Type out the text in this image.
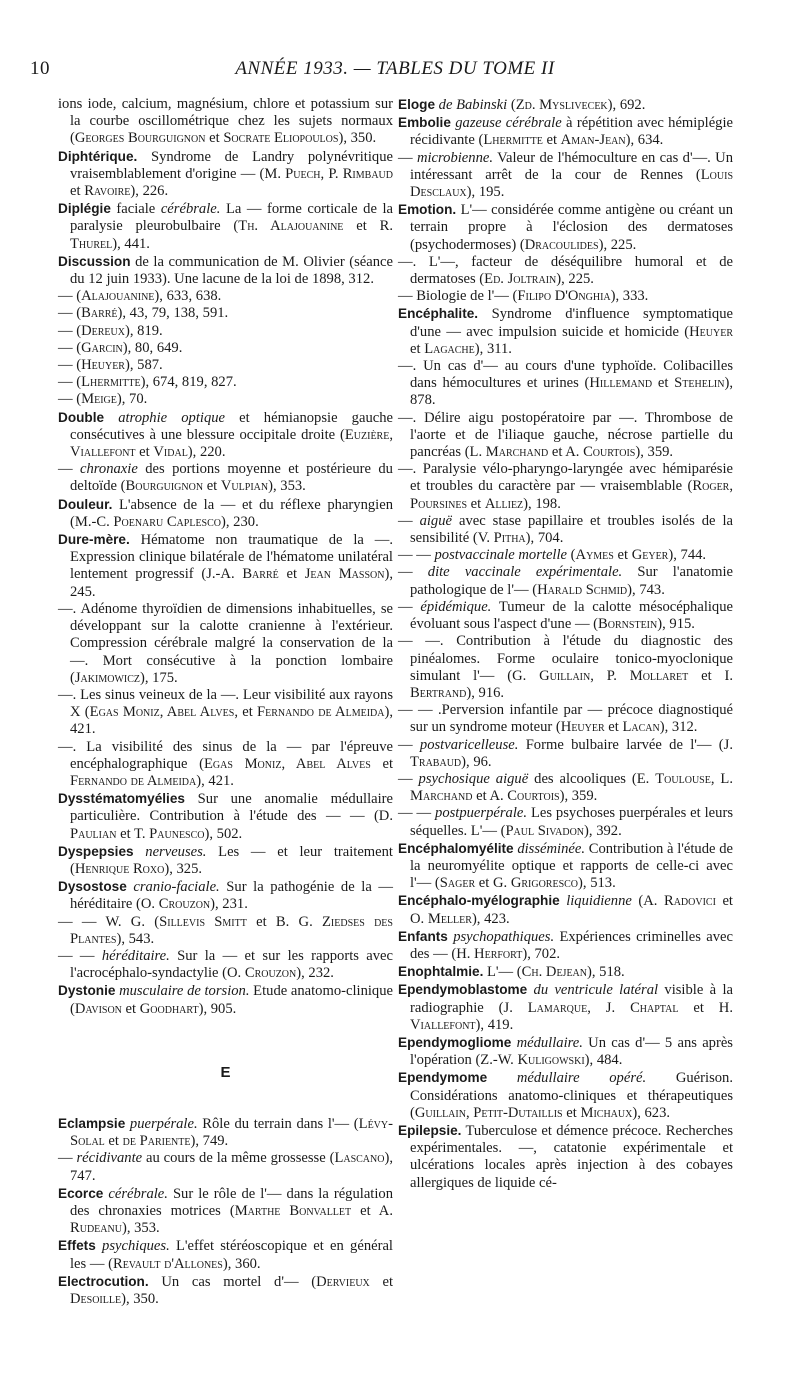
10	ANNÉE 1933. — TABLES DU TOME II

ions iode, calcium, magnésium, chlore et potassium sur la courbe oscillométrique chez les sujets normaux (Georges Bourguignon et Socrate Eliopoulos), 350.

Diphtérique. Syndrome de Landry polynévritique vraisemblablement d'origine — (M. Puech, P. Rimbaud et Ravoire), 226.

Diplégie faciale cérébrale. La — forme corticale de la paralysie pleurobulbaire (Th. Alajouanine et R. Thurel), 441.

Discussion de la communication de M. Olivier (séance du 12 juin 1933). Une lacune de la loi de 1898, 312.

— (Alajouanine), 633, 638.

— (Barré), 43, 79, 138, 591.

— (Dereux), 819.

— (Garcin), 80, 649.

— (Heuyer), 587.

— (Lhermitte), 674, 819, 827.

— (Meige), 70.

Double atrophie optique et hémianopsie gauche consécutives à une blessure occipitale droite (Euzière, Viallefont et Vidal), 220.

— chronaxie des portions moyenne et postérieure du deltoïde (Bourguignon et Vulpian), 353.

Douleur. L'absence de la — et du réflexe pharyngien (M.-C. Poenaru Caplesco), 230.

Dure-mère. Hématome non traumatique de la —. Expression clinique bilatérale de l'hématome unilatéral lentement progressif (J.-A. Barré et Jean Masson), 245.

—. Adénome thyroïdien de dimensions inhabituelles, se développant sur la calotte cranienne à l'extérieur. Compression cérébrale malgré la conservation de la —. Mort consécutive à la ponction lombaire (Jakimowicz), 175.

—. Les sinus veineux de la —. Leur visibilité aux rayons X (Egas Moniz, Abel Alves, et Fernando de Almeida), 421.

—. La visibilité des sinus de la — par l'épreuve encéphalographique (Egas Moniz, Abel Alves et Fernando de Almeida), 421.

Dysstématomyélies Sur une anomalie médullaire particulière. Contribution à l'étude des — — (D. Paulian et T. Paunesco), 502.

Dyspepsies nerveuses. Les — et leur traitement (Henrique Roxo), 325.

Dysostose cranio-faciale. Sur la pathogénie de la — héréditaire (O. Crouzon), 231.

— — W. G. (Sillevis Smitt et B. G. Ziedses des Plantes), 543.

— — héréditaire. Sur la — et sur les rapports avec l'acrocéphalo-syndactylie (O. Crouzon), 232.

Dystonie musculaire de torsion. Etude anatomo-clinique (Davison et Goodhart), 905.

E

Eclampsie puerpérale. Rôle du terrain dans l'— (Lévy-Solal et de Pariente), 749.

— récidivante au cours de la même grossesse (Lascano), 747.

Ecorce cérébrale. Sur le rôle de l'— dans la régulation des chronaxies motrices (Marthe Bonvallet et A. Rudeanu), 353.

Effets psychiques. L'effet stéréoscopique et en général les — (Revault d'Allones), 360.

Electrocution. Un cas mortel d'— (Dervieux et Desoille), 350.

Eloge de Babinski (Zd. Myslivecek), 692.

Embolie gazeuse cérébrale à répétition avec hémiplégie récidivante (Lhermitte et Aman-Jean), 634.

— microbienne. Valeur de l'hémoculture en cas d'—. Un intéressant arrêt de la cour de Rennes (Louis Desclaux), 195.

Emotion. L'— considérée comme antigène ou créant un terrain propre à l'éclosion des dermatoses (psychodermoses) (Dracoulides), 225.

—. L'—, facteur de déséquilibre humoral et de dermatoses (Ed. Joltrain), 225.

— Biologie de l'— (Filipo D'Onghia), 333.

Encéphalite. Syndrome d'influence symptomatique d'une — avec impulsion suicide et homicide (Heuyer et Lagache), 311.

—. Un cas d'— au cours d'une typhoïde. Colibacilles dans hémocultures et urines (Hillemand et Stehelin), 878.

—. Délire aigu postopératoire par —. Thrombose de l'aorte et de l'iliaque gauche, nécrose partielle du pancréas (L. Marchand et A. Courtois), 359.

—. Paralysie vélo-pharyngo-laryngée avec hémiparésie et troubles du caractère par — vraisemblable (Roger, Poursines et Alliez), 198.

— aiguë avec stase papillaire et troubles isolés de la sensibilité (V. Pitha), 704.

— — postvaccinale mortelle (Aymes et Geyer), 744.

— dite vaccinale expérimentale. Sur l'anatomie pathologique de l'— (Harald Schmid), 743.

— épidémique. Tumeur de la calotte mésocéphalique évoluant sous l'aspect d'une — (Bornstein), 915.

— —. Contribution à l'étude du diagnostic des pinéalomes. Forme oculaire tonico-myoclonique simulant l'— (G. Guillain, P. Mollaret et I. Bertrand), 916.

— — .Perversion infantile par — précoce diagnostiqué sur un syndrome moteur (Heuyer et Lacan), 312.

— postvaricelleuse. Forme bulbaire larvée de l'— (J. Trabaud), 96.

— psychosique aiguë des alcooliques (E. Toulouse, L. Marchand et A. Courtois), 359.

— — postpuerpérale. Les psychoses puerpérales et leurs séquelles. L'— (Paul Sivadon), 392.

Encéphalomyélite disséminée. Contribution à l'étude de la neuromyélite optique et rapports de celle-ci avec l'— (Sager et G. Grigoresco), 513.

Encéphalo-myélographie liquidienne (A. Radovici et O. Meller), 423.

Enfants psychopathiques. Expériences criminelles avec des — (H. Herfort), 702.

Enophtalmie. L'— (Ch. Dejean), 518.

Ependymoblastome du ventricule latéral visible à la radiographie (J. Lamarque, J. Chaptal et H. Viallefont), 419.

Ependymogliome médullaire. Un cas d'— 5 ans après l'opération (Z.-W. Kuligowski), 484.

Ependymome médullaire opéré. Guérison. Considérations anatomo-cliniques et thérapeutiques (Guillain, Petit-Dutaillis et Michaux), 623.

Epilepsie. Tuberculose et démence précoce. Recherches expérimentales. —, catatonie expérimentale et ulcérations locales après injection à des cobayes allergiques de liquide cé-
